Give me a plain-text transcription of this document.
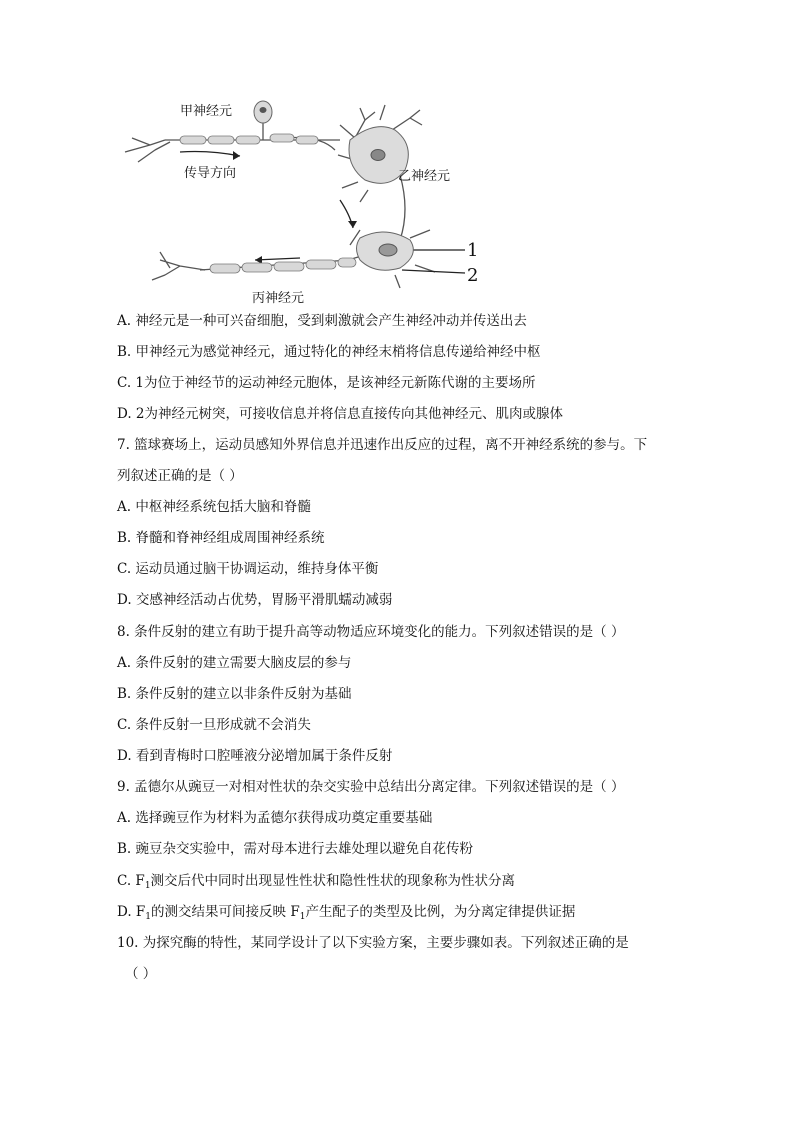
甲神经元
乙神经元
丙神经元
传导方向
1
2
A. 神经元是一种可兴奋细胞，受到刺激就会产生神经冲动并传送出去
B. 甲神经元为感觉神经元，通过特化的神经末梢将信息传递给神经中枢
C. 1为位于神经节的运动神经元胞体，是该神经元新陈代谢的主要场所
D. 2为神经元树突，可接收信息并将信息直接传向其他神经元、肌肉或腺体
7. 篮球赛场上，运动员感知外界信息并迅速作出反应的过程，离不开神经系统的参与。下
列叙述正确的是（ ）
A. 中枢神经系统包括大脑和脊髓
B. 脊髓和脊神经组成周围神经系统
C. 运动员通过脑干协调运动，维持身体平衡
D. 交感神经活动占优势，胃肠平滑肌蠕动减弱
8. 条件反射的建立有助于提升高等动物适应环境变化的能力。下列叙述错误的是（ ）
A. 条件反射的建立需要大脑皮层的参与
B. 条件反射的建立以非条件反射为基础
C. 条件反射一旦形成就不会消失
D. 看到青梅时口腔唾液分泌增加属于条件反射
9. 孟德尔从豌豆一对相对性状的杂交实验中总结出分离定律。下列叙述错误的是（ ）
A. 选择豌豆作为材料为孟德尔获得成功奠定重要基础
B. 豌豆杂交实验中，需对母本进行去雄处理以避免自花传粉
C. $F_1$测交后代中同时出现显性性状和隐性性状的现象称为性状分离
D. $F_1$的测交结果可间接反映 $F_1$产生配子的类型及比例，为分离定律提供证据
10. 为探究酶的特性，某同学设计了以下实验方案，主要步骤如表。下列叙述正确的是
（ ）
